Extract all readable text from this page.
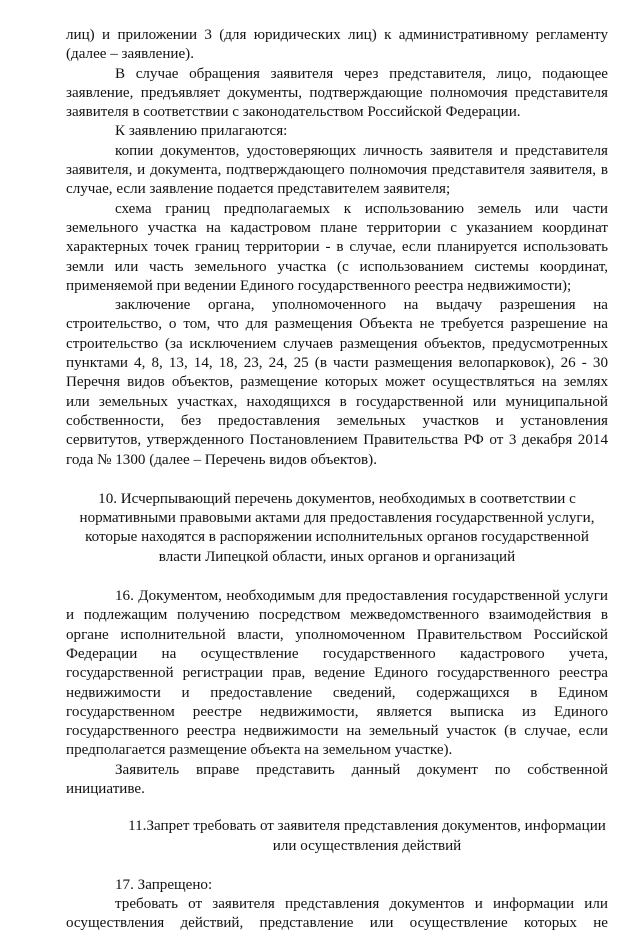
лиц) и приложении 3 (для юридических лиц) к административному регламенту (далее – заявление).

В случае обращения заявителя через представителя, лицо, подающее заявление, предъявляет документы, подтверждающие полномочия представителя заявителя в соответствии с законодательством Российской Федерации.

К заявлению прилагаются:

копии документов, удостоверяющих личность заявителя и представителя заявителя, и документа, подтверждающего полномочия представителя заявителя, в случае, если заявление подается представителем заявителя;

схема границ предполагаемых к использованию земель или части земельного участка на кадастровом плане территории с указанием координат характерных точек границ территории - в случае, если планируется использовать земли или часть земельного участка (с использованием системы координат, применяемой при ведении Единого государственного реестра недвижимости);

заключение органа, уполномоченного на выдачу разрешения на строительство, о том, что для размещения Объекта не требуется разрешение на строительство (за исключением случаев размещения объектов, предусмотренных пунктами 4, 8, 13, 14, 18, 23, 24, 25 (в части размещения велопарковок), 26 - 30 Перечня видов объектов, размещение которых может осуществляться на землях или земельных участках, находящихся в государственной или муниципальной собственности, без предоставления земельных участков и установления сервитутов, утвержденного Постановлением Правительства РФ от 3 декабря 2014 года № 1300 (далее – Перечень видов объектов).

10. Исчерпывающий перечень документов, необходимых в соответствии с нормативными правовыми актами для предоставления государственной услуги, которые находятся в распоряжении исполнительных органов государственной власти Липецкой области, иных органов и организаций

16. Документом, необходимым для предоставления государственной услуги и подлежащим получению посредством межведомственного взаимодействия в органе исполнительной власти, уполномоченном Правительством Российской Федерации на осуществление государственного кадастрового учета, государственной регистрации прав, ведение Единого государственного реестра недвижимости и предоставление сведений, содержащихся в Едином государственном реестре недвижимости, является выписка из Единого государственного реестра недвижимости на земельный участок (в случае, если предполагается размещение объекта на земельном участке).

Заявитель вправе представить данный документ по собственной инициативе.

11.Запрет требовать от заявителя представления документов, информации или осуществления действий

17. Запрещено:

требовать от заявителя представления документов и информации или осуществления действий, представление или осуществление которых не
